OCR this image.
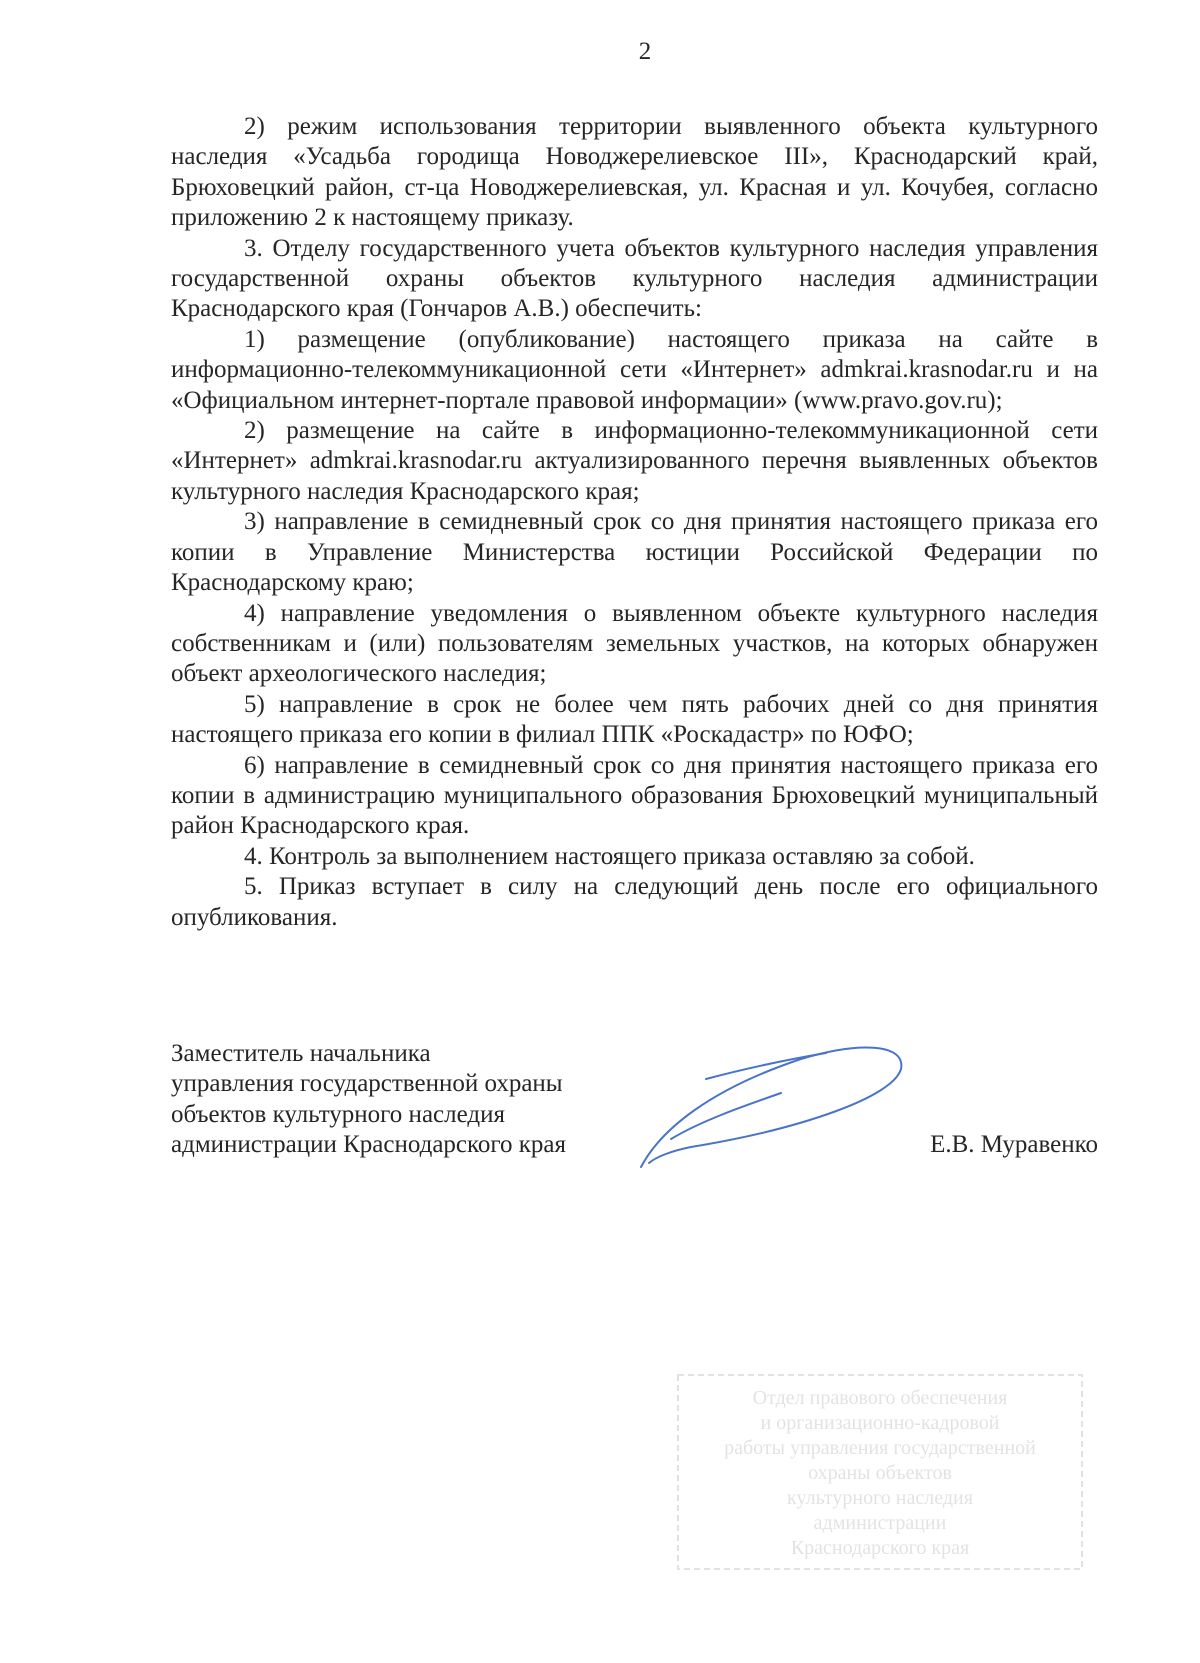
2

2) режим использования территории выявленного объекта культурного наследия «Усадьба городища Новоджерелиевское III», Краснодарский край, Брюховецкий район, ст-ца Новоджерелиевская, ул. Красная и ул. Кочубея, согласно приложению 2 к настоящему приказу.

3. Отделу государственного учета объектов культурного наследия управления государственной охраны объектов культурного наследия администрации Краснодарского края (Гончаров А.В.) обеспечить:

1) размещение (опубликование) настоящего приказа на сайте в информационно-телекоммуникационной сети «Интернет» admkrai.krasnodar.ru и на «Официальном интернет-портале правовой информации» (www.pravo.gov.ru);

2) размещение на сайте в информационно-телекоммуникационной сети «Интернет» admkrai.krasnodar.ru актуализированного перечня выявленных объектов культурного наследия Краснодарского края;

3) направление в семидневный срок со дня принятия настоящего приказа его копии в Управление Министерства юстиции Российской Федерации по Краснодарскому краю;

4) направление уведомления о выявленном объекте культурного наследия собственникам и (или) пользователям земельных участков, на которых обнаружен объект археологического наследия;

5) направление в срок не более чем пять рабочих дней со дня принятия настоящего приказа его копии в филиал ППК «Роскадастр» по ЮФО;

6) направление в семидневный срок со дня принятия настоящего приказа его копии в администрацию муниципального образования Брюховецкий муниципальный район Краснодарского края.

4. Контроль за выполнением настоящего приказа оставляю за собой.

5. Приказ вступает в силу на следующий день после его официального опубликования.

Заместитель начальника
управления государственной охраны
объектов культурного наследия
администрации Краснодарского края	Е.В. Муравенко
Отдел правового обеспечения
и организационно-кадровой
работы управления государственной
охраны объектов
культурного наследия
администрации
Краснодарского края
